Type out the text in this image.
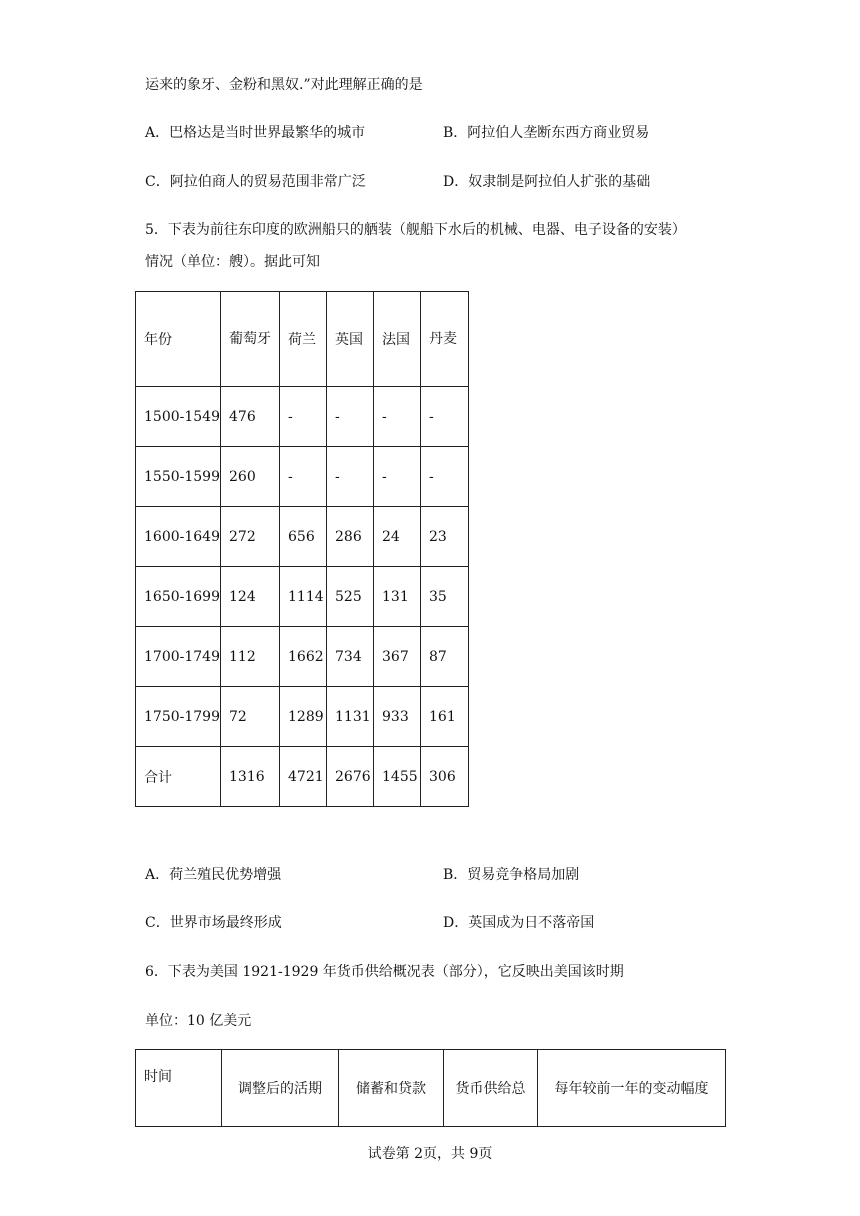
运来的象牙、金粉和黑奴.”对此理解正确的是
A．巴格达是当时世界最繁华的城市	B．阿拉伯人垄断东西方商业贸易
C．阿拉伯商人的贸易范围非常广泛	D．奴隶制是阿拉伯人扩张的基础
5．下表为前往东印度的欧洲船只的舾装（舰船下水后的机械、电器、电子设备的安装）
情况（单位：艘）。据此可知
年份	葡萄牙	荷兰	英国	法国	丹麦
1500-1549	476	-	-	-	-
1550-1599	260	-	-	-	-
1600-1649	272	656	286	24	23
1650-1699	124	1114	525	131	35
1700-1749	112	1662	734	367	87
1750-1799	72	1289	1131	933	161
合计	1316	4721	2676	1455	306
A．荷兰殖民优势增强	B．贸易竞争格局加剧
C．世界市场最终形成	D．英国成为日不落帝国
6．下表为美国 1921-1929 年货币供给概况表（部分），它反映出美国该时期
单位：10 亿美元
时间	调整后的活期	储蓄和贷款	货币供给总	每年较前一年的变动幅度
试卷第 2页，共 9页
